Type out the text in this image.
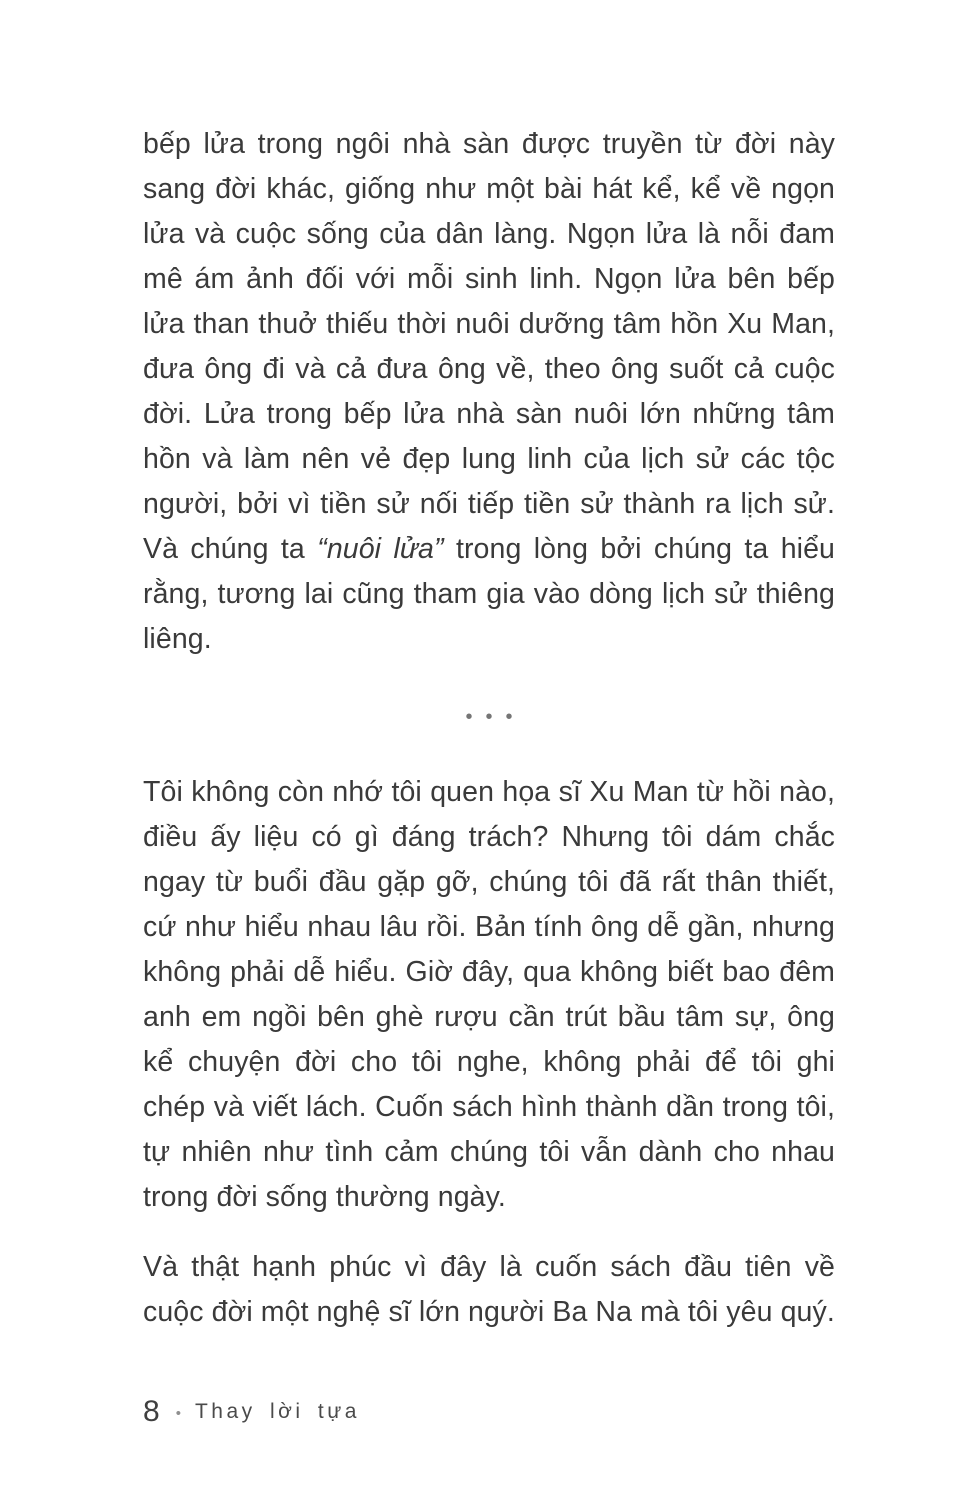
bếp lửa trong ngôi nhà sàn được truyền từ đời này sang đời khác, giống như một bài hát kể, kể về ngọn lửa và cuộc sống của dân làng. Ngọn lửa là nỗi đam mê ám ảnh đối với mỗi sinh linh. Ngọn lửa bên bếp lửa than thuở thiếu thời nuôi dưỡng tâm hồn Xu Man, đưa ông đi và cả đưa ông về, theo ông suốt cả cuộc đời. Lửa trong bếp lửa nhà sàn nuôi lớn những tâm hồn và làm nên vẻ đẹp lung linh của lịch sử các tộc người, bởi vì tiền sử nối tiếp tiền sử thành ra lịch sử. Và chúng ta “nuôi lửa” trong lòng bởi chúng ta hiểu rằng, tương lai cũng tham gia vào dòng lịch sử thiêng liêng.

•••

Tôi không còn nhớ tôi quen họa sĩ Xu Man từ hồi nào, điều ấy liệu có gì đáng trách? Nhưng tôi dám chắc ngay từ buổi đầu gặp gỡ, chúng tôi đã rất thân thiết, cứ như hiểu nhau lâu rồi. Bản tính ông dễ gần, nhưng không phải dễ hiểu. Giờ đây, qua không biết bao đêm anh em ngồi bên ghè rượu cần trút bầu tâm sự, ông kể chuyện đời cho tôi nghe, không phải để tôi ghi chép và viết lách. Cuốn sách hình thành dần trong tôi, tự nhiên như tình cảm chúng tôi vẫn dành cho nhau trong đời sống thường ngày.

Và thật hạnh phúc vì đây là cuốn sách đầu tiên về cuộc đời một nghệ sĩ lớn người Ba Na mà tôi yêu quý.

8 • Thay lời tựa
